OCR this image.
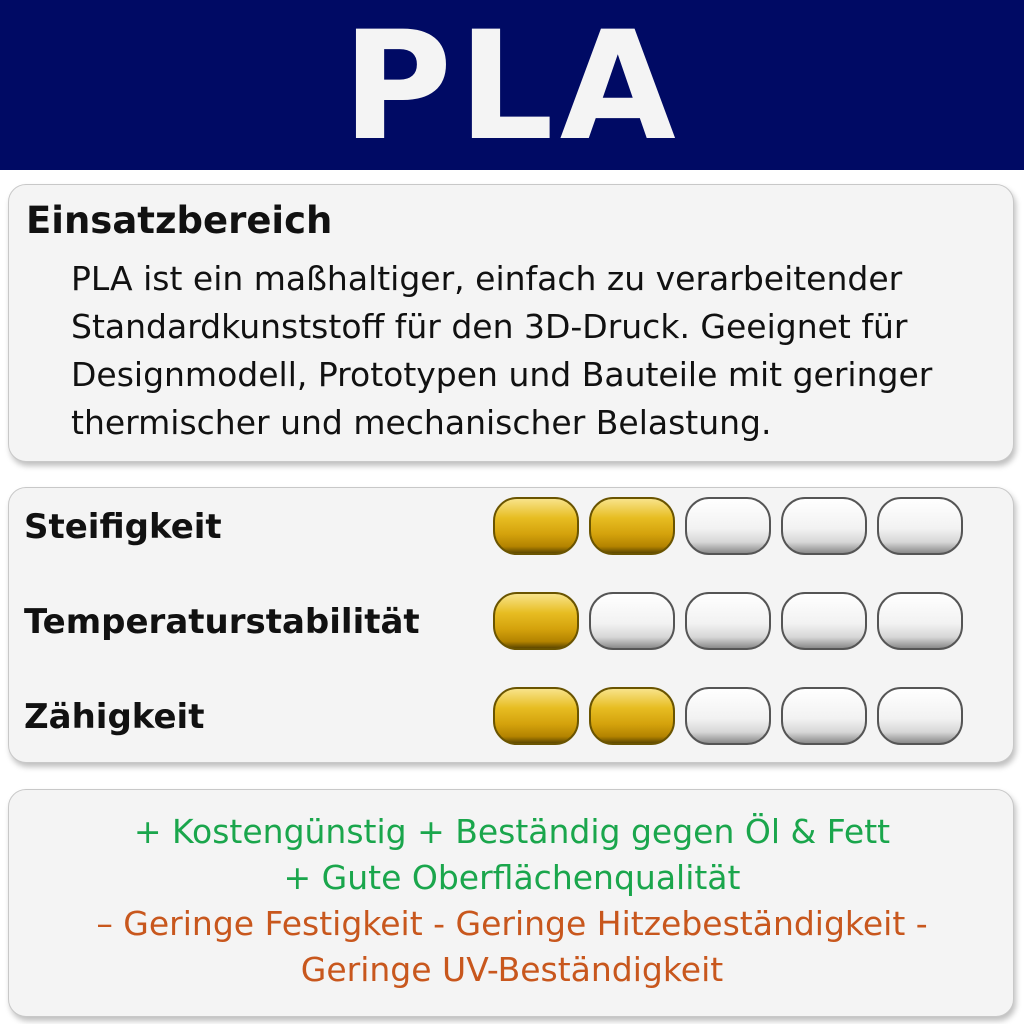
PLA
Einsatzbereich
PLA ist ein maßhaltiger, einfach zu verarbeitender Standardkunststoff für den 3D-Druck. Geeignet für Designmodell, Prototypen und Bauteile mit geringer thermischer und mechanischer Belastung.
Steifigkeit
Temperaturstabilität
Zähigkeit
+ Kostengünstig + Beständig gegen Öl & Fett
+ Gute Oberflächenqualität
– Geringe Festigkeit - Geringe Hitzebeständigkeit -
Geringe UV-Beständigkeit
